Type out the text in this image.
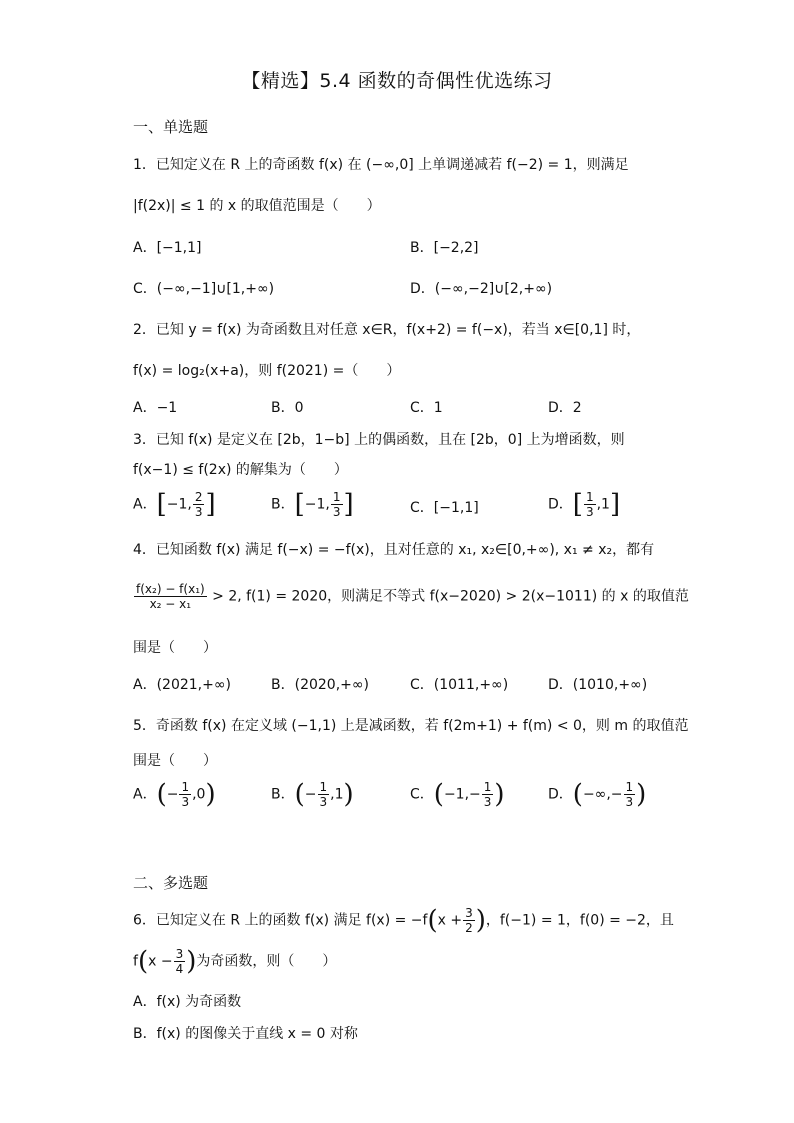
【精选】5.4 函数的奇偶性优选练习
一、单选题
1．已知定义在 R 上的奇函数 f(x) 在 (−∞,0] 上单调递减若 f(−2) = 1，则满足
|f(2x)| ≤ 1 的 x 的取值范围是（　　）
A．[−1,1]	B．[−2,2]
C．(−∞,−1]∪[1,+∞)	D．(−∞,−2]∪[2,+∞)
2．已知 y = f(x) 为奇函数且对任意 x∈R，f(x+2) = f(−x)，若当 x∈[0,1] 时，
f(x) = log₂(x+a)，则 f(2021) =（　　）
A．−1	B．0	C．1	D．2
3．已知 f(x) 是定义在 [2b，1−b] 上的偶函数，且在 [2b，0] 上为增函数，则
f(x−1) ≤ f(2x) 的解集为（　　）
A．[−1, $\frac{2}{3}$ ]	B．[−1, $\frac{1}{3}$ ]	C．[−1,1]	D．[ $\frac{1}{3} ,1$]
4．已知函数 f(x) 满足 f(−x) = −f(x)，且对任意的 x₁, x₂∈[0,+∞), x₁ ≠ x₂，都有
$\frac{\text{f(x₂) − f(x₁)}}{\text{x₂ − x₁}} > 2$, f(1) = 2020，则满足不等式 f(x−2020) > 2(x−1011) 的 x 的取值范
围是（　　）
A．(2021,+∞)	B．(2020,+∞)	C．(1011,+∞)	D．(1010,+∞)
5．奇函数 f(x) 在定义域 (−1,1) 上是减函数，若 f(2m+1) + f(m) < 0，则 m 的取值范
围是（　　）
A．(− $\frac{1}{3} ,0$)	B．(− $\frac{1}{3} ,1$)	C．($-1,- \frac{1}{3}$ )	D．(−∞,− $\frac{1}{3}$ )
二、多选题
6．已知定义在 R 上的函数 f(x) 满足 $f(x) = -f(x + \frac{3}{2}$ )，f(−1) = 1，f(0) = −2，且
$f(x - \frac{3}{4}$ )为奇函数，则（　　）
A．f(x) 为奇函数
B．f(x) 的图像关于直线 x = 0 对称
